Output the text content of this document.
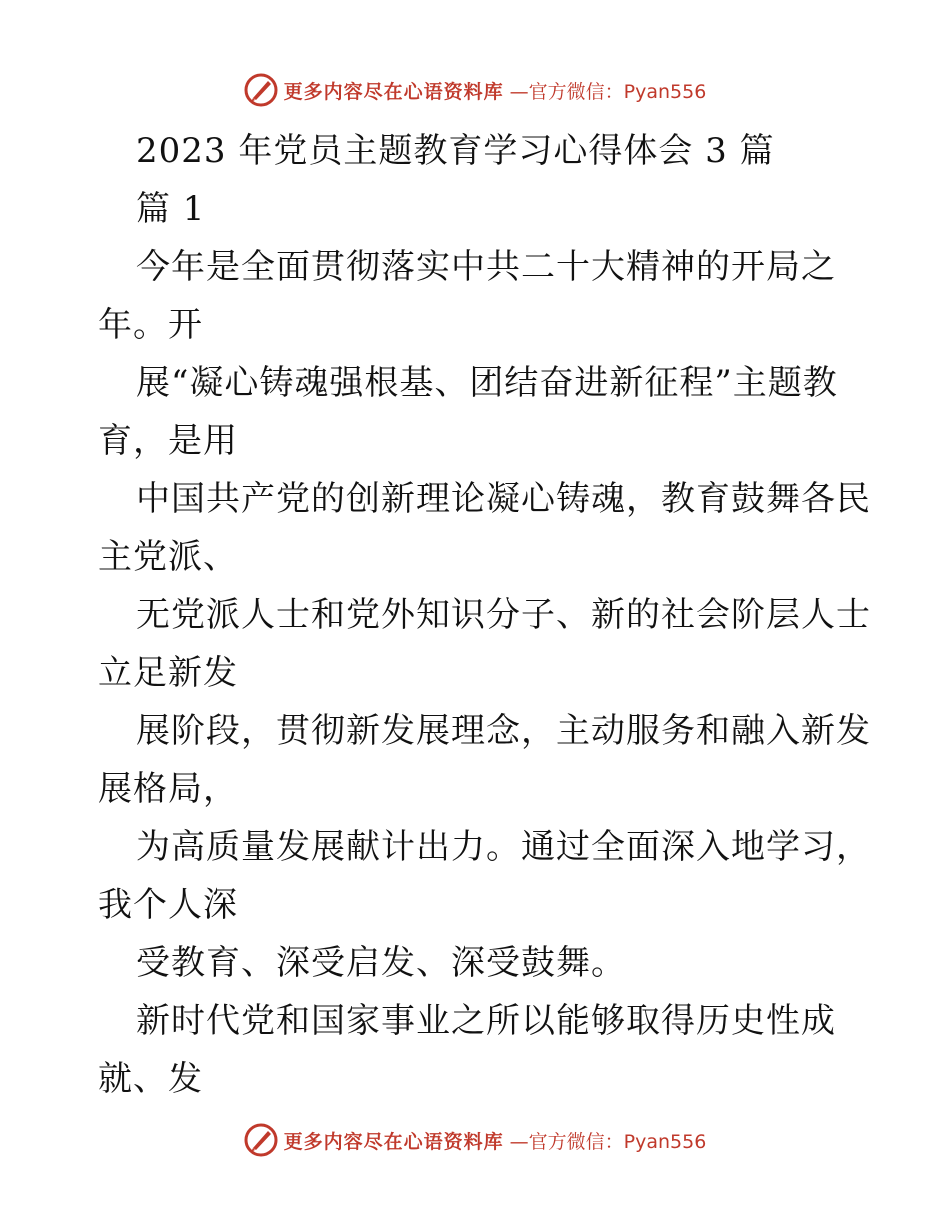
更多内容尽在心语资料库 —官方微信：Pyan556
2023 年党员主题教育学习心得体会 3 篇
篇 1
今年是全面贯彻落实中共二十大精神的开局之
年。开
展“凝心铸魂强根基、团结奋进新征程”主题教
育，是用
中国共产党的创新理论凝心铸魂，教育鼓舞各民
主党派、
无党派人士和党外知识分子、新的社会阶层人士
立足新发
展阶段，贯彻新发展理念，主动服务和融入新发
展格局，
为高质量发展献计出力。通过全面深入地学习，
我个人深
受教育、深受启发、深受鼓舞。
新时代党和国家事业之所以能够取得历史性成
就、发
更多内容尽在心语资料库 —官方微信：Pyan556
